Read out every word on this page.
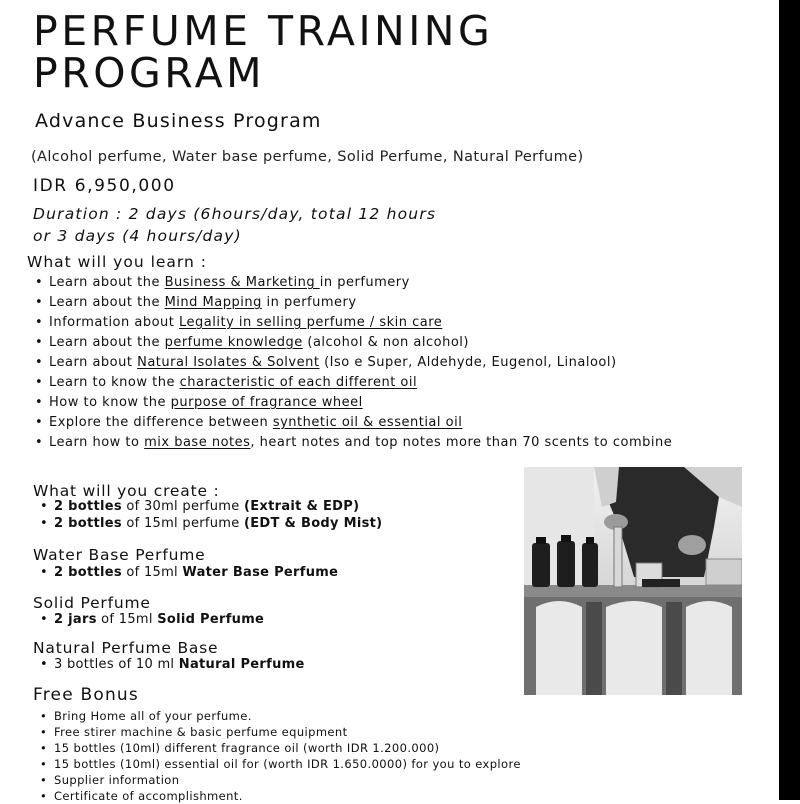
PERFUME TRAINING PROGRAM
Advance Business Program
(Alcohol perfume, Water base perfume, Solid Perfume, Natural Perfume)
IDR 6,950,000
Duration : 2 days (6hours/day, total 12 hours
or 3 days (4 hours/day)
What will you learn :
• Learn about the Business & Marketing in perfumery
• Learn about the Mind Mapping in perfumery
• Information about Legality in selling perfume / skin care
• Learn about the perfume knowledge (alcohol & non alcohol)
• Learn about Natural Isolates & Solvent (Iso e Super, Aldehyde, Eugenol, Linalool)
• Learn to know the characteristic of each different oil
• How to know the purpose of fragrance wheel
• Explore the difference between synthetic oil & essential oil
• Learn how to mix base notes, heart notes and top notes more than 70 scents to combine
What will you create :
• 2 bottles of 30ml perfume (Extrait & EDP)
• 2 bottles of 15ml perfume (EDT & Body Mist)
Water Base Perfume
• 2 bottles of 15ml Water Base Perfume
Solid Perfume
• 2 jars of 15ml Solid Perfume
Natural Perfume Base
• 3 bottles of 10 ml Natural Perfume
Free Bonus
• Bring Home all of your perfume.
• Free stirer machine & basic perfume equipment
• 15 bottles (10ml) different fragrance oil (worth IDR 1.200.000)
• 15 bottles (10ml) essential oil for (worth IDR 1.650.0000) for you to explore
• Supplier information
• Certificate of accomplishment.
